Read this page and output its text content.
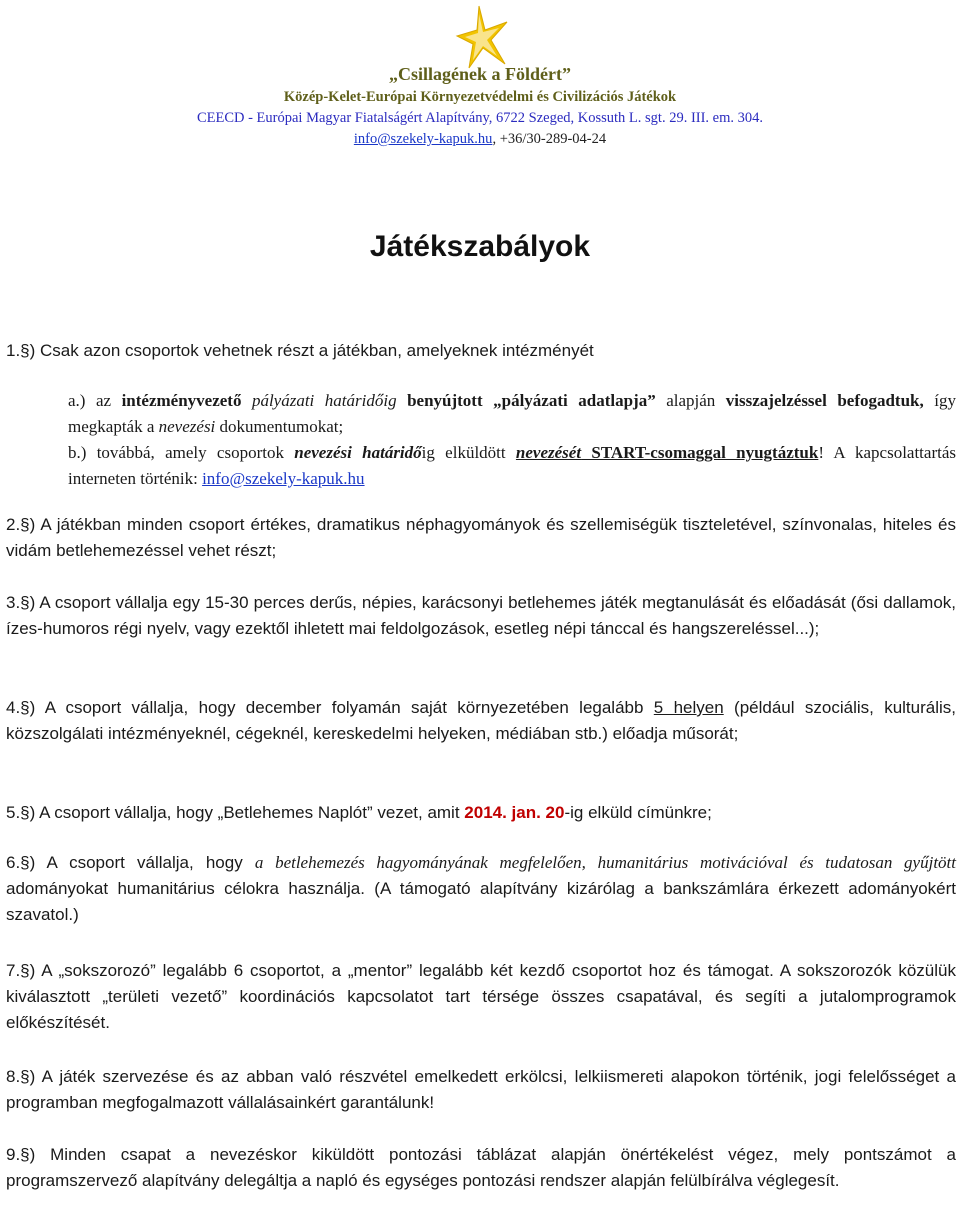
„Csillagének a Földért”
Közép-Kelet-Európai Környezetvédelmi és Civilizációs Játékok
CEECD - Európai Magyar Fiatalságért Alapítvány, 6722 Szeged, Kossuth L. sgt. 29. III. em. 304.
info@szekely-kapuk.hu, +36/30-289-04-24
Játékszabályok

1.§) Csak azon csoportok vehetnek részt a játékban, amelyeknek intézményét

a.) az intézményvezető pályázati határidőig benyújtott „pályázati adatlapja” alapján visszajelzéssel befogadtuk, így megkapták a nevezési dokumentumokat;

b.) továbbá, amely csoportok nevezési határidőig elküldött nevezését START-csomaggal nyugtáztuk! A kapcsolattartás interneten történik: info@szekely-kapuk.hu

2.§) A játékban minden csoport értékes, dramatikus néphagyományok és szellemiségük tiszteletével, színvonalas, hiteles és vidám betlehemezéssel vehet részt;

3.§) A csoport vállalja egy 15-30 perces derűs, népies, karácsonyi betlehemes játék megtanulását és előadását (ősi dallamok, ízes-humoros régi nyelv, vagy ezektől ihletett mai feldolgozások, esetleg népi tánccal és hangszereléssel...);

4.§) A csoport vállalja, hogy december folyamán saját környezetében legalább 5 helyen (például szociális, kulturális, közszolgálati intézményeknél, cégeknél, kereskedelmi helyeken, médiában stb.) előadja műsorát;

5.§) A csoport vállalja, hogy „Betlehemes Naplót” vezet, amit 2014. jan. 20-ig elküld címünkre;

6.§) A csoport vállalja, hogy a betlehemezés hagyományának megfelelően, humanitárius motivációval és tudatosan gyűjtött adományokat humanitárius célokra használja. (A támogató alapítvány kizárólag a bankszámlára érkezett adományokért szavatol.)

7.§) A „sokszorozó” legalább 6 csoportot, a „mentor” legalább két kezdő csoportot hoz és támogat. A sokszorozók közülük kiválasztott „területi vezető” koordinációs kapcsolatot tart térsége összes csapatával, és segíti a jutalomprogramok előkészítését.

8.§) A játék szervezése és az abban való részvétel emelkedett erkölcsi, lelkiismereti alapokon történik, jogi felelősséget a programban megfogalmazott vállalásainkért garantálunk!

9.§) Minden csapat a nevezéskor kiküldött pontozási táblázat alapján önértékelést végez, mely pontszámot a programszervező alapítvány delegáltja a napló és egységes pontozási rendszer alapján felülbírálva véglegesít.
